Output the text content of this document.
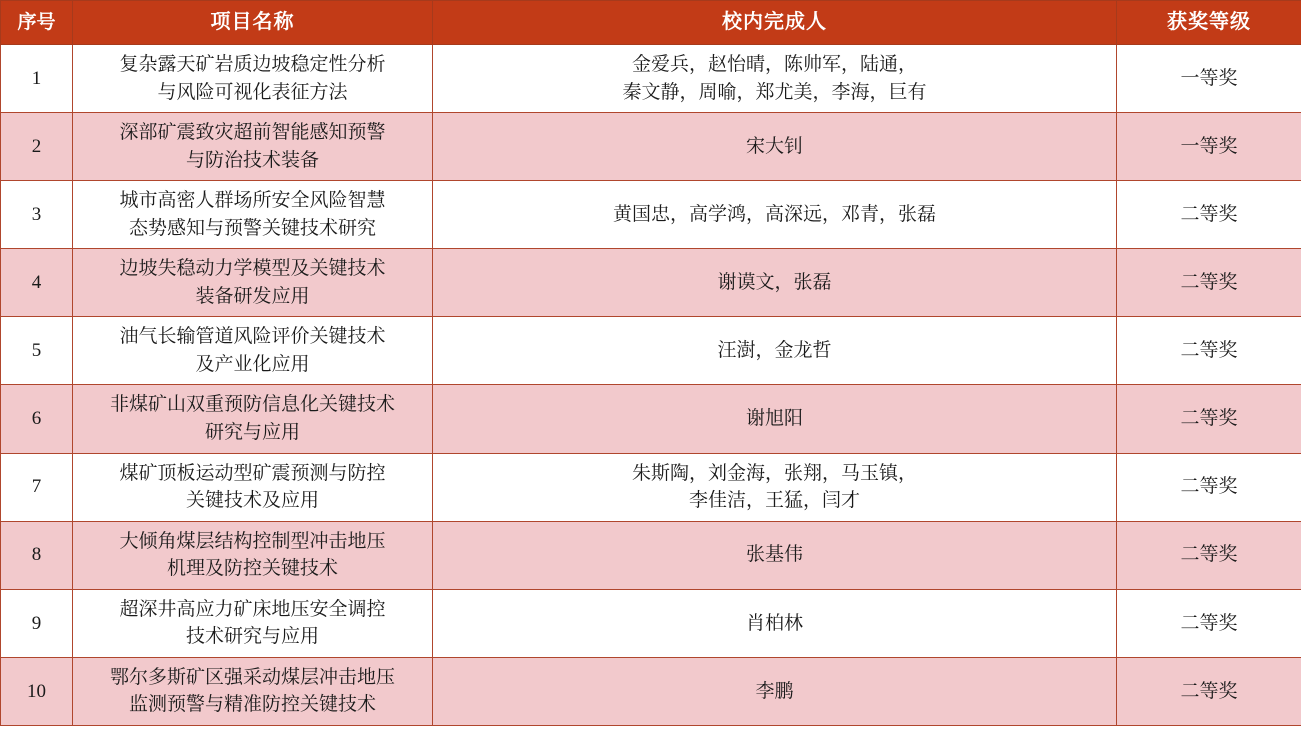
序号	项目名称	校内完成人	获奖等级
1	复杂露天矿岩质边坡稳定性分析
与风险可视化表征方法	金爱兵，赵怡晴，陈帅军，陆通，
秦文静，周喻，郑尤美，李海，巨有	一等奖
2	深部矿震致灾超前智能感知预警
与防治技术装备	宋大钊	一等奖
3	城市高密人群场所安全风险智慧
态势感知与预警关键技术研究	黄国忠，高学鸿，高深远，邓青，张磊	二等奖
4	边坡失稳动力学模型及关键技术
装备研发应用	谢谟文，张磊	二等奖
5	油气长输管道风险评价关键技术
及产业化应用	汪澍，金龙哲	二等奖
6	非煤矿山双重预防信息化关键技术
研究与应用	谢旭阳	二等奖
7	煤矿顶板运动型矿震预测与防控
关键技术及应用	朱斯陶，刘金海，张翔，马玉镇，
李佳洁，王猛，闫才	二等奖
8	大倾角煤层结构控制型冲击地压
机理及防控关键技术	张基伟	二等奖
9	超深井高应力矿床地压安全调控
技术研究与应用	肖柏林	二等奖
10	鄂尔多斯矿区强采动煤层冲击地压
监测预警与精准防控关键技术	李鹏	二等奖
